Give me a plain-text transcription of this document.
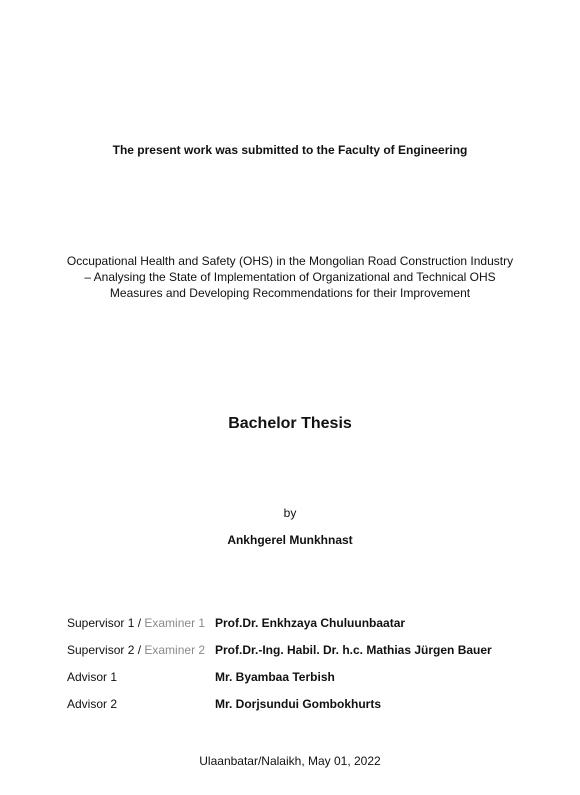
The present work was submitted to the Faculty of Engineering
Occupational Health and Safety (OHS) in the Mongolian Road Construction Industry
– Analysing the State of Implementation of Organizational and Technical OHS
Measures and Developing Recommendations for their Improvement
Bachelor Thesis
by
Ankhgerel Munkhnast
Supervisor 1 / Examiner 1 Prof.Dr. Enkhzaya Chuluunbaatar
Supervisor 2 / Examiner 2 Prof.Dr.-Ing. Habil. Dr. h.c. Mathias Jürgen Bauer
Advisor 1	Mr. Byambaa Terbish
Advisor 2	Mr. Dorjsundui Gombokhurts
Ulaanbatar/Nalaikh, May 01, 2022
